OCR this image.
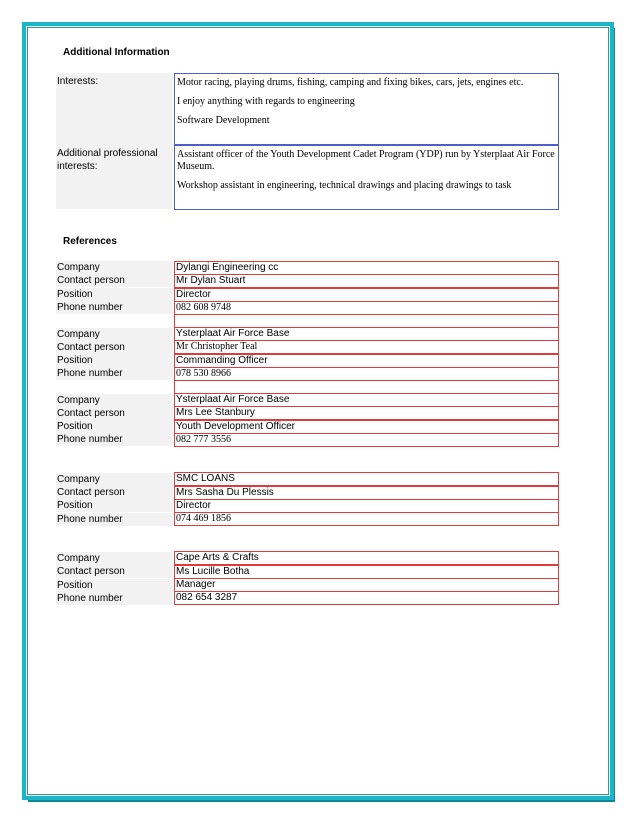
Additional Information
Interests:	Motor racing, playing drums, fishing, camping and fixing bikes, cars, jets, engines etc.

I enjoy anything with regards to engineering

Software Development

Additional professional interests:

Assistant officer of the Youth Development Cadet Program (YDP) run by Ysterplaat Air Force Museum.

Workshop assistant in engineering, technical drawings and placing drawings to task

References
Company	Dylangi Engineering cc
Contact person	Mr Dylan Stuart
Position	Director
Phone number	082 608 9748
Company	Ysterplaat Air Force Base
Contact person	Mr Christopher Teal
Position	Commanding Officer
Phone number	078 530 8966
Company	Ysterplaat Air Force Base
Contact person	Mrs Lee Stanbury
Position	Youth Development Officer
Phone number	082 777 3556
Company	SMC LOANS
Contact person	Mrs Sasha Du Plessis
Position	Director
Phone number	074 469 1856
Company	Cape Arts & Crafts
Contact person	Ms Lucille Botha
Position	Manager
Phone number	082 654 3287
